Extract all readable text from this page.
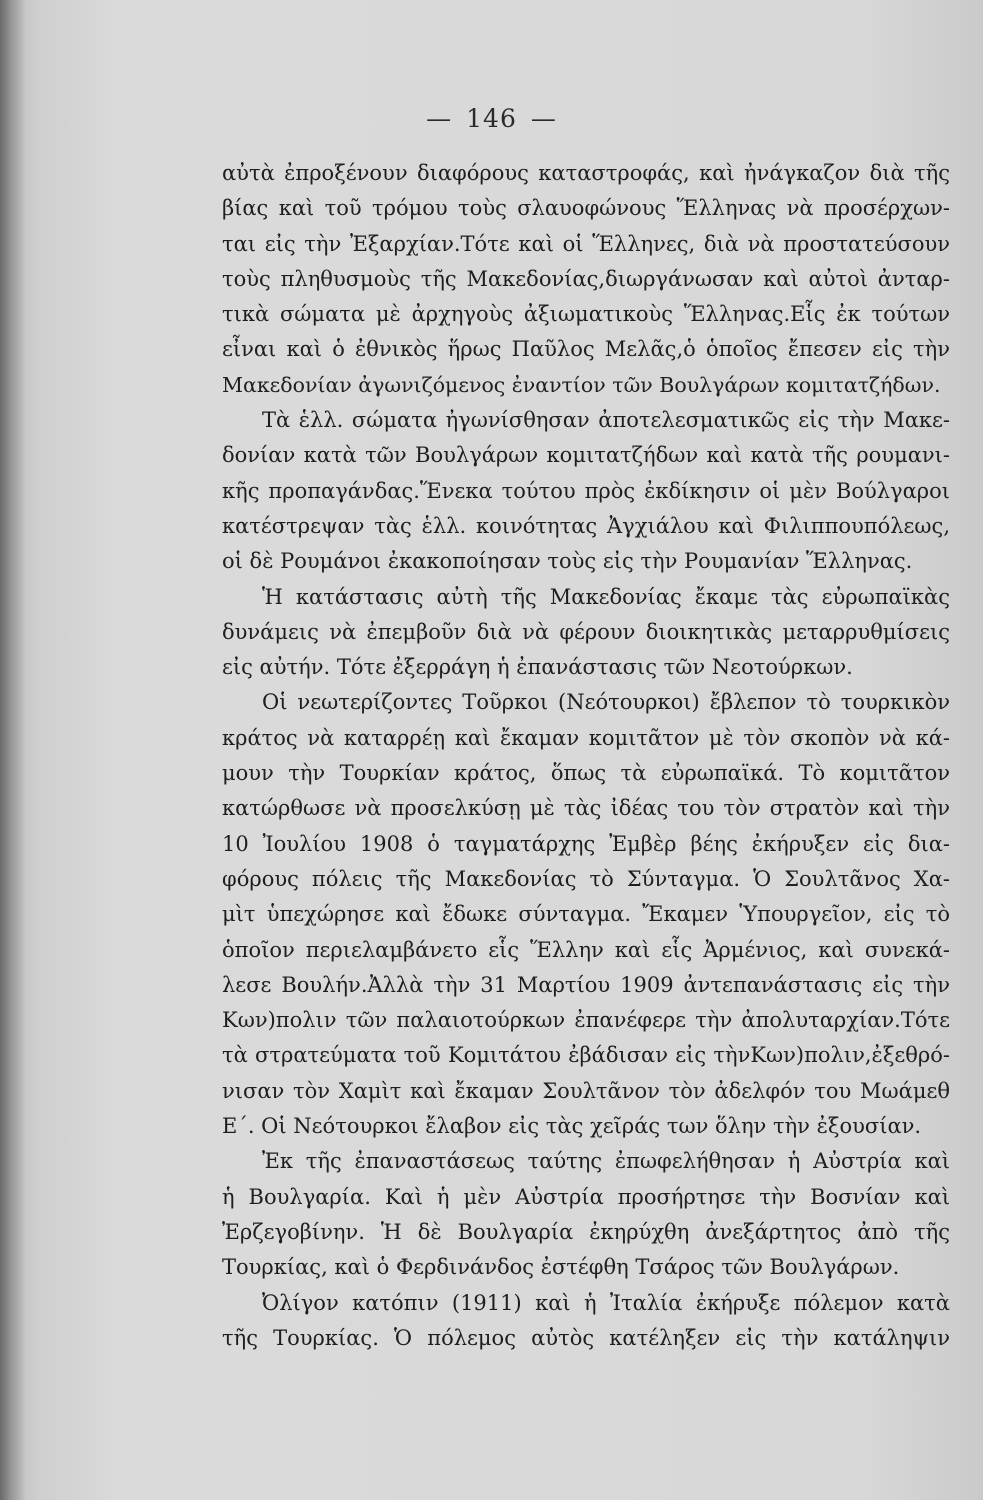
— 146 —
αὐτὰ ἐπροξένουν διαφόρους καταστροφάς, καὶ ἠνάγκαζον διὰ τῆς
βίας καὶ τοῦ τρόμου τοὺς σλαυοφώνους Ἕλληνας νὰ προσέρχων-
ται εἰς τὴν Ἐξαρχίαν.Τότε καὶ οἱ Ἕλληνες, διὰ νὰ προστατεύσουν
τοὺς πληθυσμοὺς τῆς Μακεδονίας,διωργάνωσαν καὶ αὐτοὶ ἀνταρ-
τικὰ σώματα μὲ ἀρχηγοὺς ἀξιωματικοὺς Ἕλληνας.Εἷς ἐκ τούτων
εἶναι καὶ ὁ ἐθνικὸς ἥρως Παῦλος Μελᾶς,ὁ ὁποῖος ἔπεσεν εἰς τὴν
Μακεδονίαν ἀγωνιζόμενος ἐναντίον τῶν Βουλγάρων κομιτατζήδων.
Τὰ ἑλλ. σώματα ἠγωνίσθησαν ἀποτελεσματικῶς εἰς τὴν Μακε-
δονίαν κατὰ τῶν Βουλγάρων κομιτατζήδων καὶ κατὰ τῆς ρουμανι-
κῆς προπαγάνδας.Ἕνεκα τούτου πρὸς ἐκδίκησιν οἱ μὲν Βούλγαροι
κατέστρεψαν τὰς ἑλλ. κοινότητας Ἀγχιάλου καὶ Φιλιππουπόλεως,
οἱ δὲ Ρουμάνοι ἐκακοποίησαν τοὺς εἰς τὴν Ρουμανίαν Ἕλληνας.
Ἡ κατάστασις αὐτὴ τῆς Μακεδονίας ἔκαμε τὰς εὐρωπαϊκὰς
δυνάμεις νὰ ἐπεμβοῦν διὰ νὰ φέρουν διοικητικὰς μεταρρυθμίσεις
εἰς αὐτήν. Τότε ἐξερράγη ἡ ἐπανάστασις τῶν Νεοτούρκων.
Οἱ νεωτερίζοντες Τοῦρκοι (Νεότουρκοι) ἔβλεπον τὸ τουρκικὸν
κράτος νὰ καταρρέῃ καὶ ἔκαμαν κομιτᾶτον μὲ τὸν σκοπὸν νὰ κά-
μουν τὴν Τουρκίαν κράτος, ὅπως τὰ εὐρωπαϊκά. Τὸ κομιτᾶτον
κατώρθωσε νὰ προσελκύσῃ μὲ τὰς ἰδέας του τὸν στρατὸν καὶ τὴν
10 Ἰουλίου 1908 ὁ ταγματάρχης Ἐμβὲρ βέης ἐκήρυξεν εἰς δια-
φόρους πόλεις τῆς Μακεδονίας τὸ Σύνταγμα. Ὁ Σουλτᾶνος Χα-
μὶτ ὑπεχώρησε καὶ ἔδωκε σύνταγμα. Ἔκαμεν Ὑπουργεῖον, εἰς τὸ
ὁποῖον περιελαμβάνετο εἷς Ἕλλην καὶ εἷς Ἀρμένιος, καὶ συνεκά-
λεσε Βουλήν.Ἀλλὰ τὴν 31 Μαρτίου 1909 ἀντεπανάστασις εἰς τὴν
Κων)πολιν τῶν παλαιοτούρκων ἐπανέφερε τὴν ἀπολυταρχίαν.Τότε
τὰ στρατεύματα τοῦ Κομιτάτου ἐβάδισαν εἰς τὴνΚων)πολιν,ἐξεθρό-
νισαν τὸν Χαμὶτ καὶ ἔκαμαν Σουλτᾶνον τὸν ἀδελφόν του Μωάμεθ
Ε΄. Οἱ Νεότουρκοι ἔλαβον εἰς τὰς χεῖράς των ὅλην τὴν ἐξουσίαν.
Ἐκ τῆς ἐπαναστάσεως ταύτης ἐπωφελήθησαν ἡ Αὐστρία καὶ
ἡ Βουλγαρία. Καὶ ἡ μὲν Αὐστρία προσήρτησε τὴν Βοσνίαν καὶ
Ἐρζεγοβίνην. Ἡ δὲ Βουλγαρία ἐκηρύχθη ἀνεξάρτητος ἀπὸ τῆς
Τουρκίας, καὶ ὁ Φερδινάνδος ἐστέφθη Τσάρος τῶν Βουλγάρων.
Ὀλίγον κατόπιν (1911) καὶ ἡ Ἰταλία ἐκήρυξε πόλεμον κατὰ
τῆς Τουρκίας. Ὁ πόλεμος αὐτὸς κατέληξεν εἰς τὴν κατάληψιν
